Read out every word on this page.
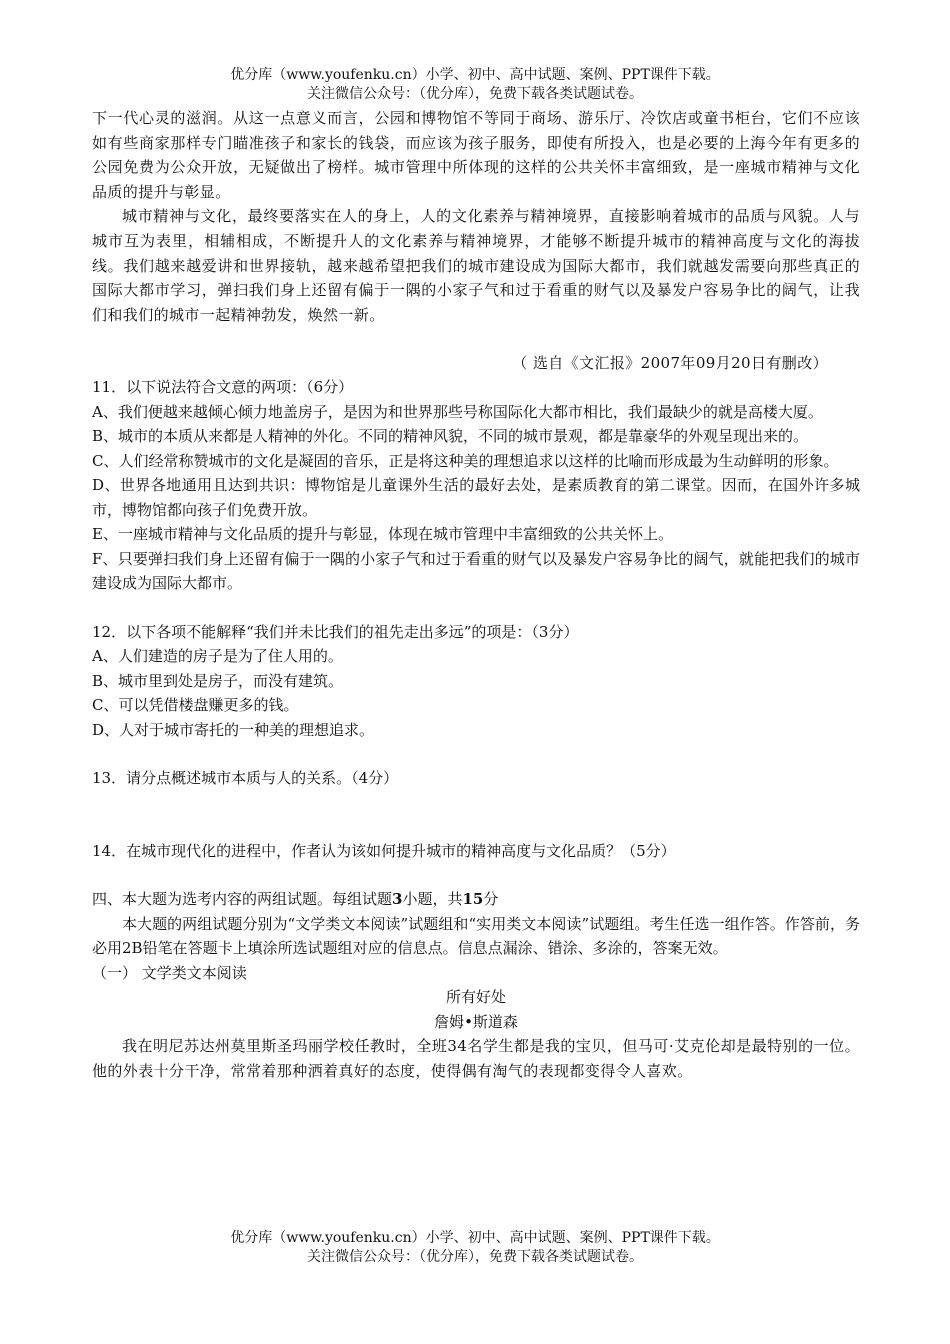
优分库（www.youfenku.cn）小学、初中、高中试题、案例、PPT课件下载。
关注微信公众号：（优分库），免费下载各类试题试卷。

下一代心灵的滋润。从这一点意义而言，公园和博物馆不等同于商场、游乐厅、冷饮店或童书柜台，它们不应该如有些商家那样专门瞄准孩子和家长的钱袋，而应该为孩子服务，即使有所投入，也是必要的上海今年有更多的公园免费为公众开放，无疑做出了榜样。城市管理中所体现的这样的公共关怀丰富细致，是一座城市精神与文化品质的提升与彰显。

城市精神与文化，最终要落实在人的身上，人的文化素养与精神境界，直接影响着城市的品质与风貌。人与城市互为表里，相辅相成，不断提升人的文化素养与精神境界，才能够不断提升城市的精神高度与文化的海拔线。我们越来越爱讲和世界接轨，越来越希望把我们的城市建设成为国际大都市，我们就越发需要向那些真正的国际大都市学习，弹扫我们身上还留有偏于一隅的小家子气和过于看重的财气以及暴发户容易争比的阔气，让我们和我们的城市一起精神勃发，焕然一新。

（ 选自《文汇报》2007年09月20日有删改）

11．以下说法符合文意的两项：（6分）

A、我们便越来越倾心倾力地盖房子，是因为和世界那些号称国际化大都市相比，我们最缺少的就是高楼大厦。

B、城市的本质从来都是人精神的外化。不同的精神风貌，不同的城市景观，都是靠豪华的外观呈现出来的。

C、人们经常称赞城市的文化是凝固的音乐，正是将这种美的理想追求以这样的比喻而形成最为生动鲜明的形象。

D、世界各地通用且达到共识：博物馆是儿童课外生活的最好去处，是素质教育的第二课堂。因而，在国外许多城市，博物馆都向孩子们免费开放。

E、一座城市精神与文化品质的提升与彰显，体现在城市管理中丰富细致的公共关怀上。

F、只要弹扫我们身上还留有偏于一隅的小家子气和过于看重的财气以及暴发户容易争比的阔气，就能把我们的城市建设成为国际大都市。

12．以下各项不能解释“我们并未比我们的祖先走出多远”的项是：（3分）

A、人们建造的房子是为了住人用的。

B、城市里到处是房子，而没有建筑。

C、可以凭借楼盘赚更多的钱。

D、人对于城市寄托的一种美的理想追求。

13．请分点概述城市本质与人的关系。（4分）

14．在城市现代化的进程中，作者认为该如何提升城市的精神高度与文化品质？（5分）

四、本大题为选考内容的两组试题。每组试题3小题，共15分

本大题的两组试题分别为“文学类文本阅读”试题组和“实用类文本阅读”试题组。考生任选一组作答。作答前，务必用2B铅笔在答题卡上填涂所选试题组对应的信息点。信息点漏涂、错涂、多涂的，答案无效。

（一） 文学类文本阅读

所有好处

詹姆•斯道森

我在明尼苏达州莫里斯圣玛丽学校任教时，全班34名学生都是我的宝贝，但马可·艾克伦却是最特别的一位。他的外表十分干净，常常着那种洒着真好的态度，使得偶有淘气的表现都变得令人喜欢。

优分库（www.youfenku.cn）小学、初中、高中试题、案例、PPT课件下载。
关注微信公众号：（优分库），免费下载各类试题试卷。
